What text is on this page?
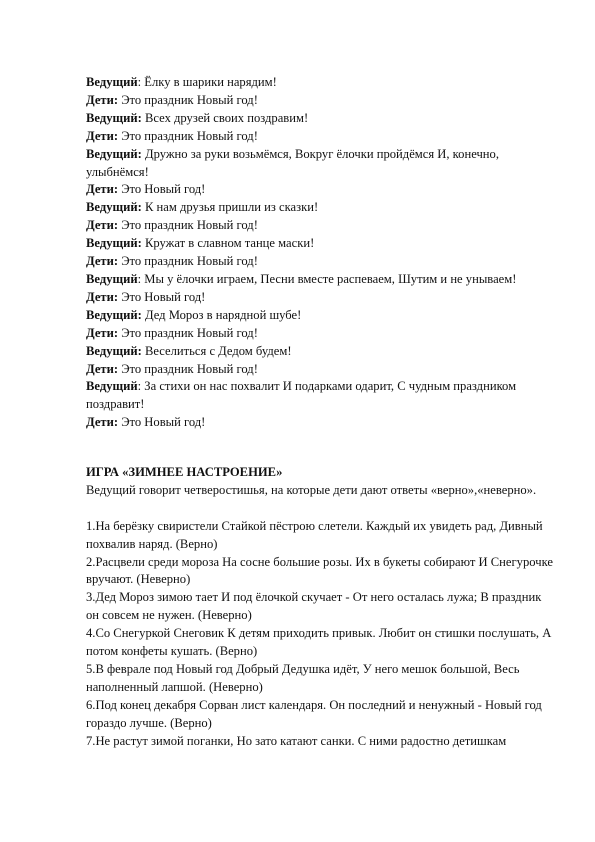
Ведущий: Ёлку в шарики нарядим!

Дети: Это праздник Новый год!

Ведущий: Всех друзей своих поздравим!

Дети: Это праздник Новый год!

Ведущий: Дружно за руки возьмёмся, Вокруг ёлочки пройдёмся И, конечно, улыбнёмся!

Дети: Это Новый год!

Ведущий: К нам друзья пришли из сказки!

Дети: Это праздник Новый год!

Ведущий: Кружат в славном танце маски!

Дети: Это праздник Новый год!

Ведущий: Мы у ёлочки играем, Песни вместе распеваем, Шутим и не унываем!

Дети: Это Новый год!

Ведущий: Дед Мороз в нарядной шубе!

Дети: Это праздник Новый год!

Ведущий: Веселиться с Дедом будем!

Дети: Это праздник Новый год!

Ведущий: За стихи он нас похвалит И подарками одарит, С чудным праздником поздравит!

Дети: Это Новый год!

ИГРА «ЗИМНЕЕ НАСТРОЕНИЕ»

Ведущий говорит четверостишья, на которые дети дают ответы «верно»,«неверно».

1.На берёзку свиристели Стайкой пёстрою слетели. Каждый их увидеть рад, Дивный похвалив наряд. (Верно)

2.Расцвели среди мороза На сосне большие розы. Их в букеты собирают И Снегурочке вручают. (Неверно)

3.Дед Мороз зимою тает И под ёлочкой скучает - От него осталась лужа; В праздник он совсем не нужен. (Неверно)

4.Со Снегуркой Снеговик К детям приходить привык. Любит он стишки послушать, А потом конфеты кушать. (Верно)

5.В феврале под Новый год Добрый Дедушка идёт, У него мешок большой, Весь наполненный лапшой. (Неверно)

6.Под конец декабря Сорван лист календаря. Он последний и ненужный - Новый год гораздо лучше. (Верно)

7.Не растут зимой поганки, Но зато катают санки. С ними радостно детишкам
